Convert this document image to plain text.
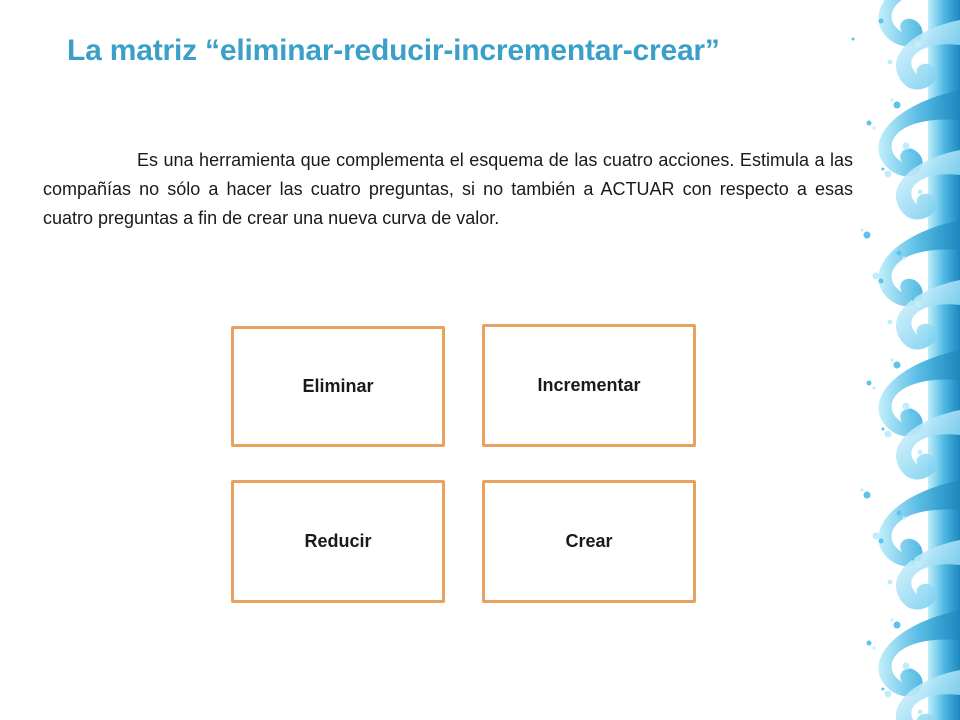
La matriz “eliminar-reducir-incrementar-crear”

Es una herramienta que complementa el esquema de las cuatro acciones. Estimula a las compañías no sólo a hacer las cuatro preguntas, si no también a ACTUAR con respecto a esas cuatro preguntas a fin de crear una nueva curva de valor.

Eliminar	Incrementar
Reducir	Crear
